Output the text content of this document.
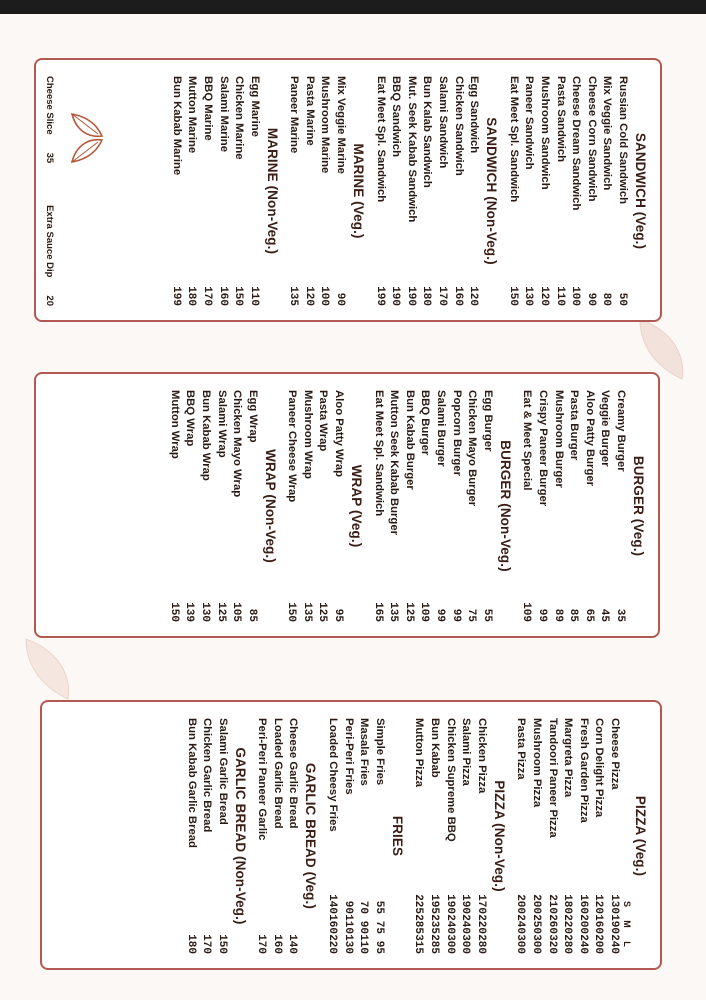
SANDWICH (Veg.)
Russian Cold Sandwich
50
Mix Veggie Sandwich
80
Cheese Corn Sandwich
90
Cheese Dream Sandwich
100
Pasta Sandwich
110
Mushroom Sandwich
120
Paneer Sandwich
130
Eat Meet Spl. Sandwich
150
SANDWICH (Non-Veg.)
Egg Sandwich
120
Chicken Sandwich
160
Salami Sandwich
170
Bun Kalab Sandwich
180
Mut. Seek Kabab Sandwich
190
BBQ Sandwich
190
Eat Meet Spl. Sandwich
199
MARINE (Veg.)
Mix Veggie Marine
90
Mushroom Marine
100
Pasta Marine
120
Paneer Marine
135
MARINE (Non-Veg.)
Egg Marine
110
Chicken Marine
150
Salami Marine
160
BBQ Marine
170
Mutton Marine
180
Bun Kabab Marine
199
Cheese Slice35
Extra Sauce Dip20
BURGER (Veg.)
Creamy Burger
35
Veggie Burger
45
Aloo Patty Burger
65
Pasta Burger
85
Mushroom Burger
89
Crispy Paneer Burger
99
Eat & Meet Special
109
BURGER (Non-Veg.)
Egg Burger
55
Chicken Mayo Burger
75
Popcorn Burger
99
Salami Burger
99
BBQ Burger
109
Bun Kabab Burger
125
Mutton Seek Kabab Burger
135
Eat Meet Spl. Sandwich
165
WRAP (Veg.)
Aloo Patty Wrap
95
Pasta Wrap
125
Mushroom Wrap
135
Paneer Cheese Wrap
150
WRAP (Non-Veg.)
Egg Wrap
85
Chicken Mayo Wrap
105
Salami Wrap
125
Bun Kabab Wrap
130
BBQ Wrap
139
Mutton Wrap
150
PIZZA (Veg.)
S
M
L
Cheese Pizza
130
190
240
Corn Delight Pizza
120
160
200
Fresh Garden Pizza
160
200
240
Margreta Pizza
180
220
280
Tandoori Paneer Pizza
210
260
320
Mushroom Pizza
200
250
300
Pasta Pizza
200
240
300
PIZZA (Non-Veg.)
Chicken Pizza
170
220
280
Salami Pizza
190
240
300
Chicken Supreme BBQ
190
240
300
Bun Kabab
195
235
285
Mutton Pizza
225
285
315
FRIES
Simple Fries
55
75
95
Masala Fries
70
90
110
Peri-Peri Fries
90
110
130
Loaded Cheesy Fries
140
160
220
GARLIC BREAD (Veg.)
Cheese Garlic Bread
140
Loaded Garlic Bread
160
Peri-Peri Paneer Garlic
170
GARLIC BREAD (Non-Veg.)
Salami Garlic Bread
150
Chicken Garlic Bread
170
Bun Kabab Garlic Bread
180
